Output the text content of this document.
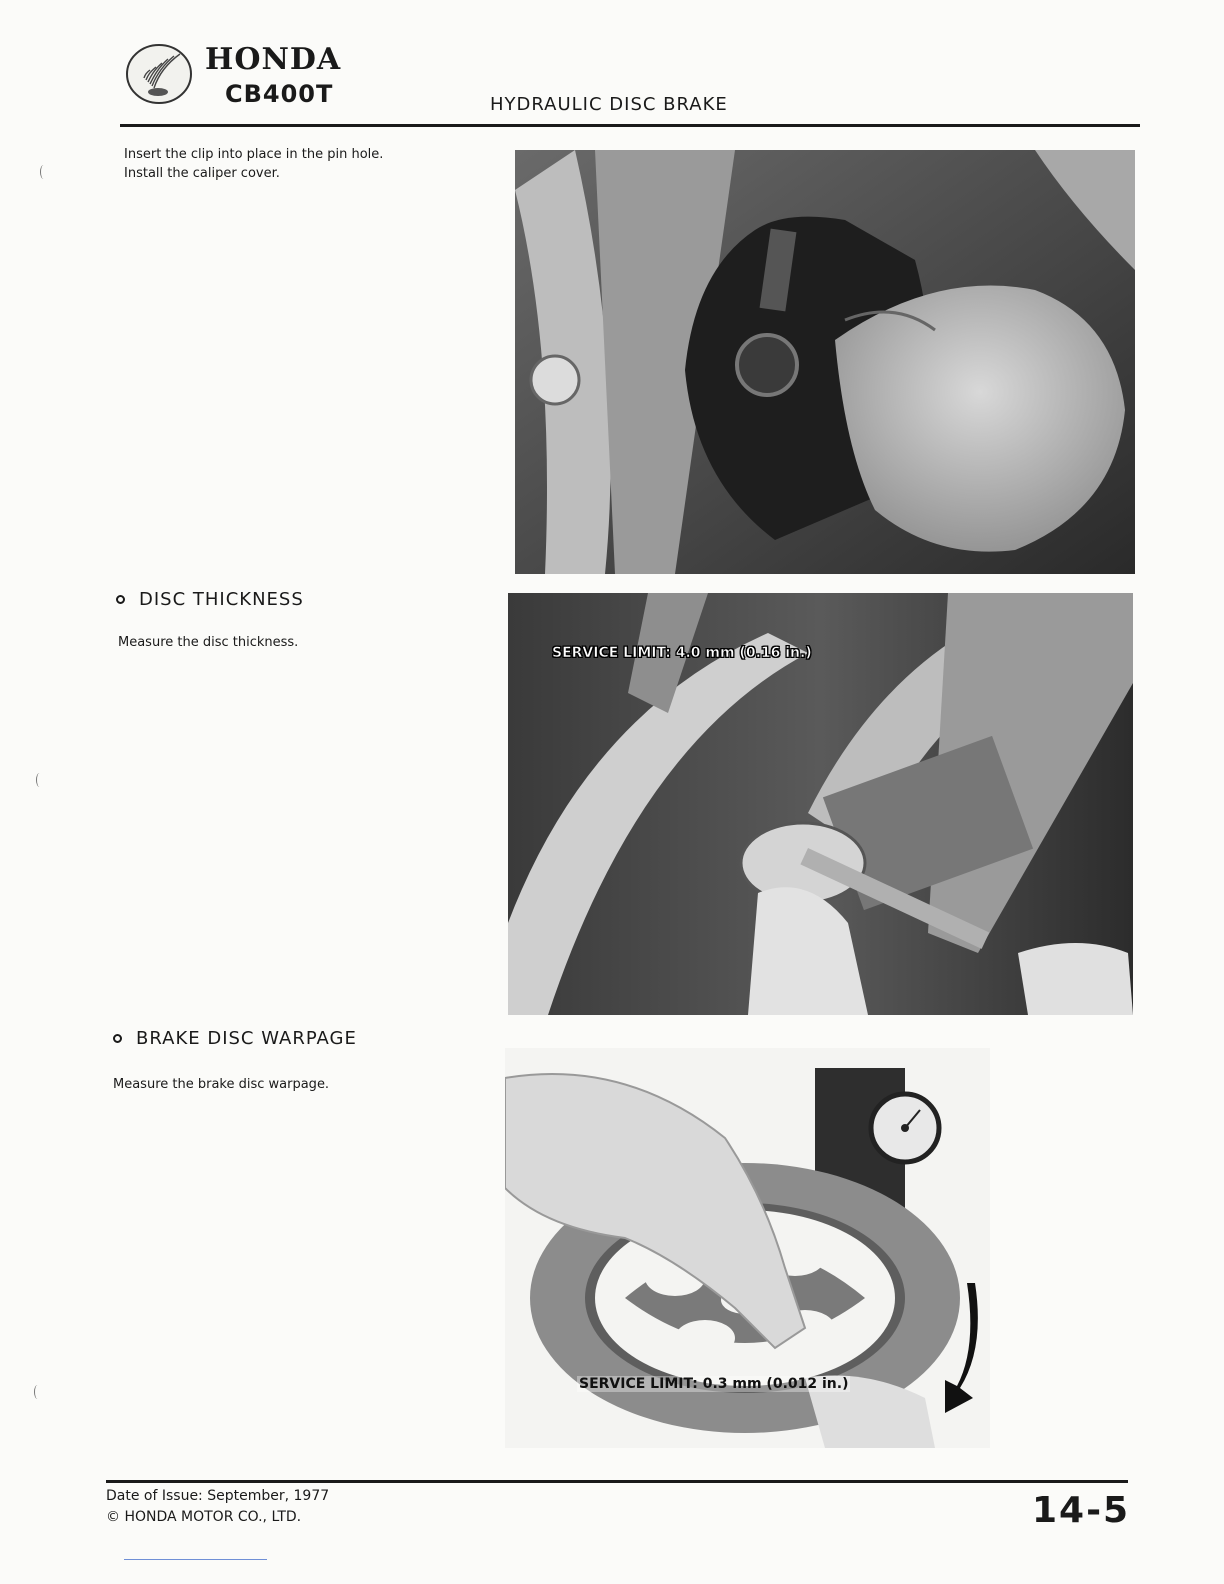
HONDA
CB400T	HYDRAULIC DISC BRAKE
Insert the clip into place in the pin hole.
Install the caliper cover.
DISC THICKNESS
Measure the disc thickness.
SERVICE LIMIT: 4.0 mm (0.16 in.)
BRAKE DISC WARPAGE
Measure the brake disc warpage.
SERVICE LIMIT: 0.3 mm (0.012 in.)
Date of Issue: September, 1977
© HONDA MOTOR CO., LTD.	14-5
